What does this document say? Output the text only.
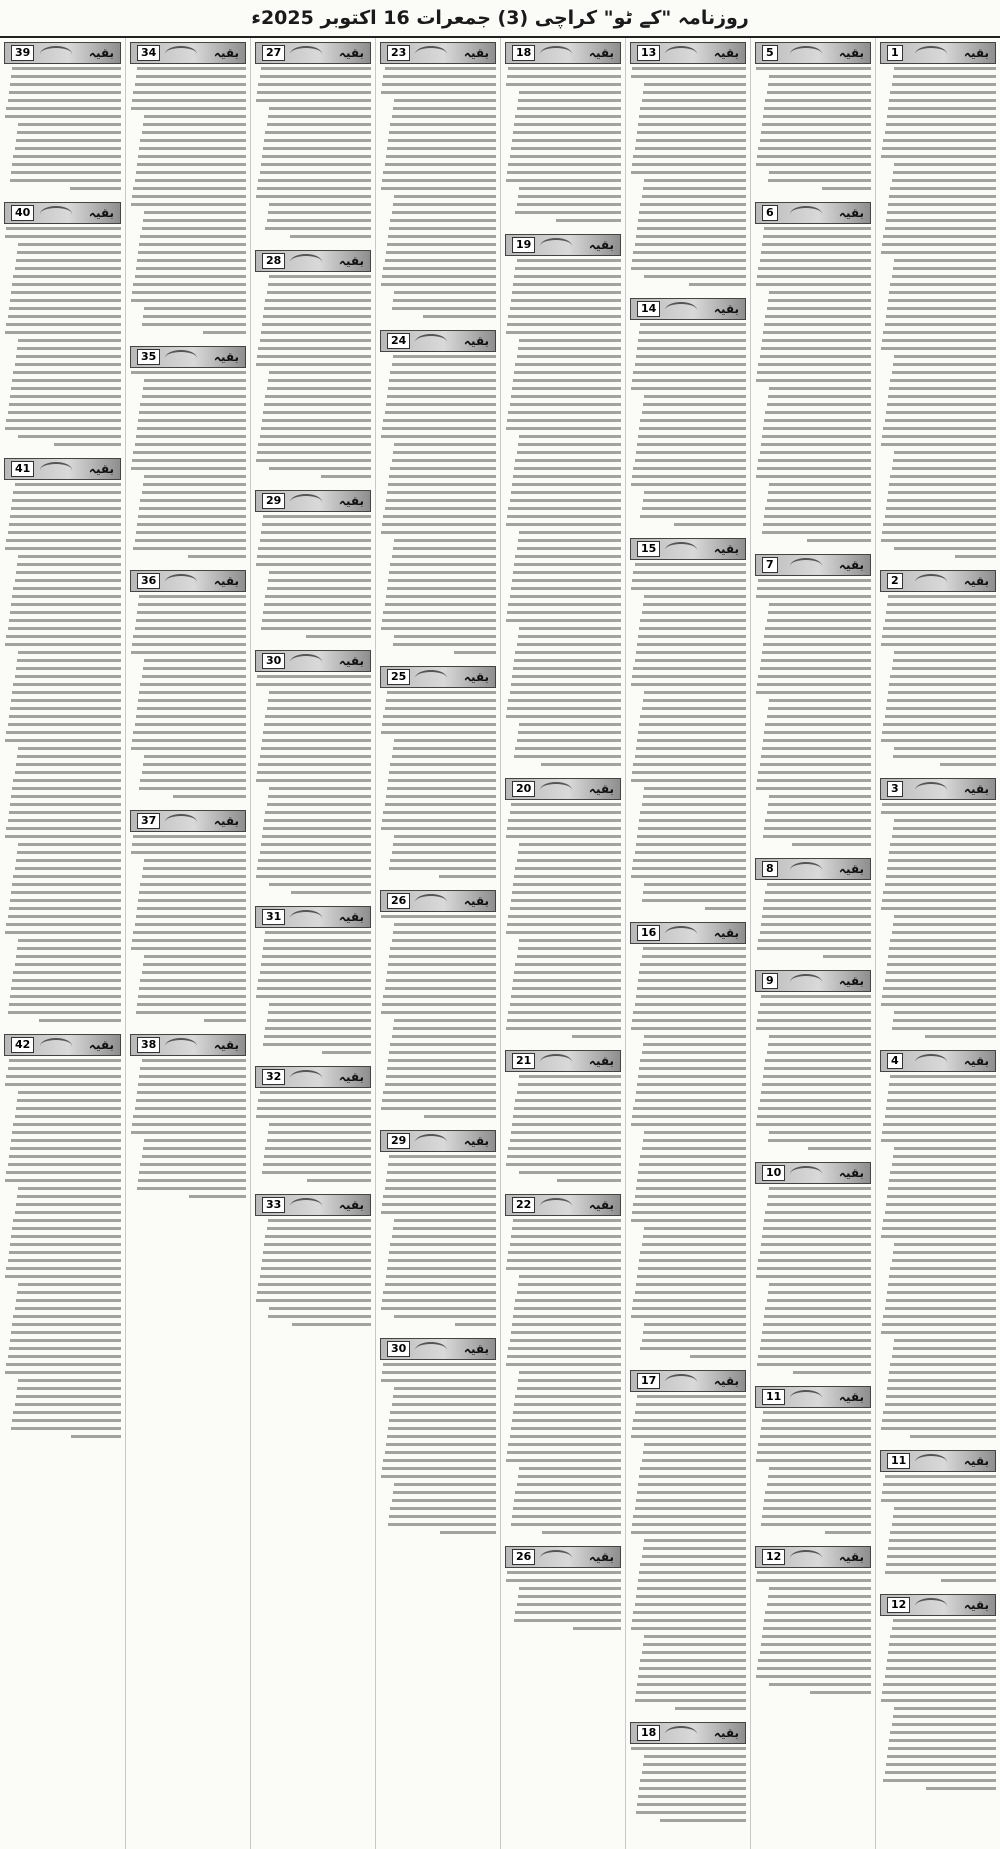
روزنامہ "کے ٹو" کراچی (3) جمعرات 16 اکتوبر 2025ء
1	بقیہ
2	بقیہ
3	بقیہ
4	بقیہ
11	بقیہ
12	بقیہ
5	بقیہ
6	بقیہ
7	بقیہ
8	بقیہ
9	بقیہ
10	بقیہ
11	بقیہ
12	بقیہ
13	بقیہ
14	بقیہ
15	بقیہ
16	بقیہ
17	بقیہ
18	بقیہ
18	بقیہ
19	بقیہ
20	بقیہ
21	بقیہ
22	بقیہ
26	بقیہ
23	بقیہ
24	بقیہ
25	بقیہ
26	بقیہ
29	بقیہ
30	بقیہ
27	بقیہ
28	بقیہ
29	بقیہ
30	بقیہ
31	بقیہ
32	بقیہ
33	بقیہ
34	بقیہ
35	بقیہ
36	بقیہ
37	بقیہ
38	بقیہ
39	بقیہ
40	بقیہ
41	بقیہ
42	بقیہ
